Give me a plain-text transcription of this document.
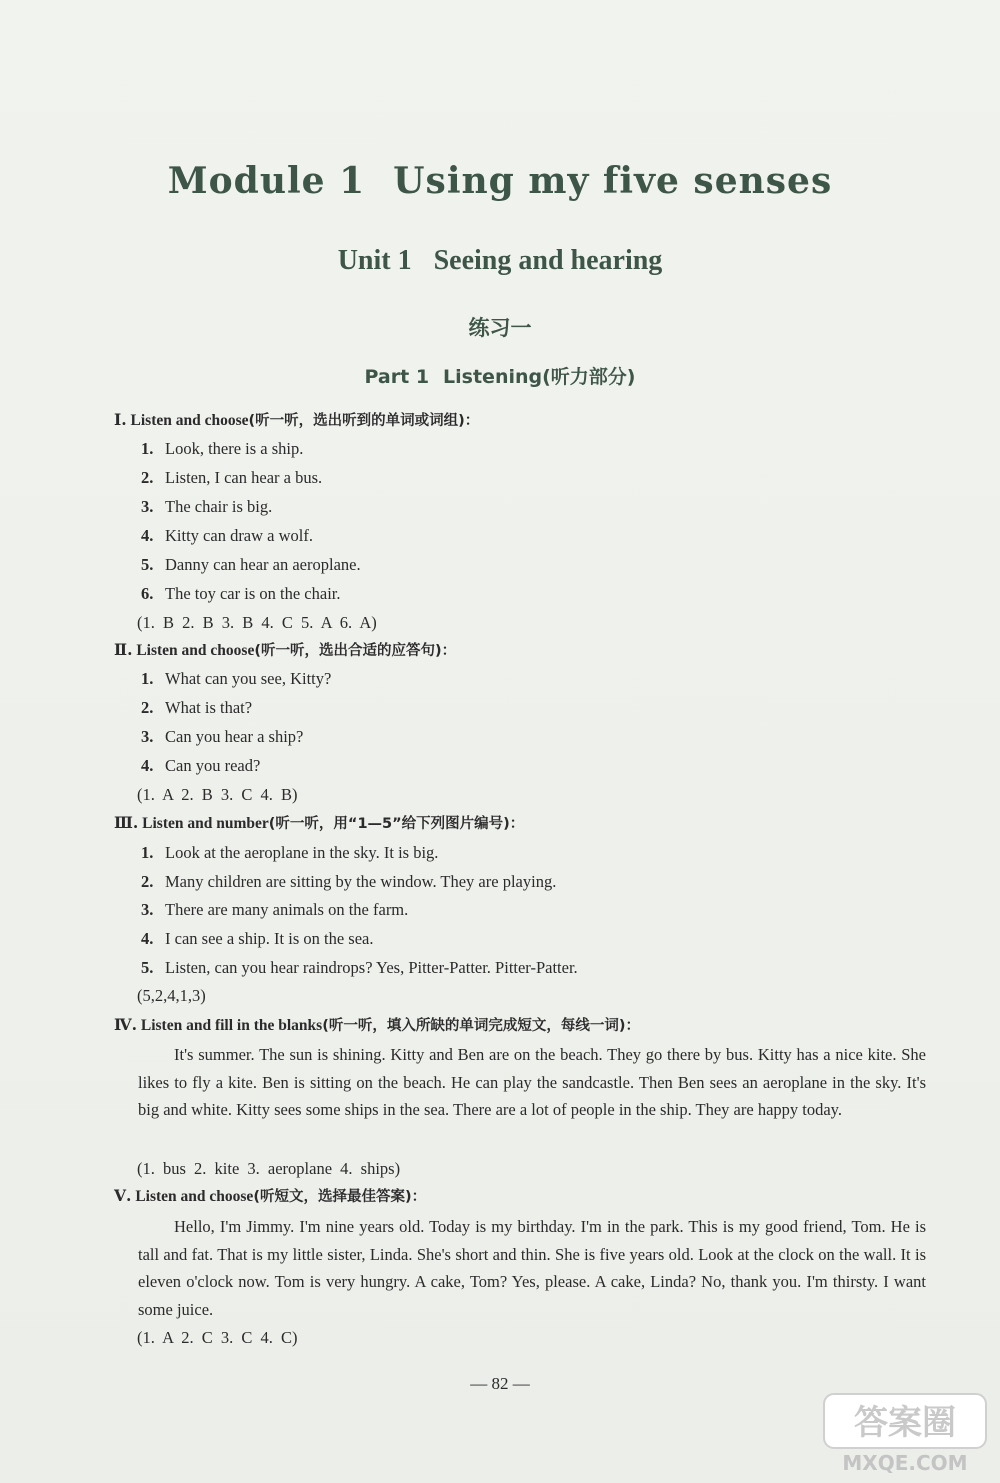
Module 1 Using my five senses
Unit 1 Seeing and hearing
练习一
Part 1 Listening(听力部分)
Ⅰ. Listen and choose(听一听，选出听到的单词或词组)：
1. Look, there is a ship.
2. Listen, I can hear a bus.
3. The chair is big.
4. Kitty can draw a wolf.
5. Danny can hear an aeroplane.
6. The toy car is on the chair.
(1. B 2. B 3. B 4. C 5. A 6. A)
Ⅱ. Listen and choose(听一听，选出合适的应答句)：
1. What can you see, Kitty?
2. What is that?
3. Can you hear a ship?
4. Can you read?
(1. A 2. B 3. C 4. B)
Ⅲ. Listen and number(听一听，用“1—5”给下列图片编号)：
1. Look at the aeroplane in the sky. It is big.
2. Many children are sitting by the window. They are playing.
3. There are many animals on the farm.
4. I can see a ship. It is on the sea.
5. Listen, can you hear raindrops? Yes, Pitter-Patter. Pitter-Patter.
(5,2,4,1,3)
Ⅳ. Listen and fill in the blanks(听一听，填入所缺的单词完成短文，每线一词)：
It's summer. The sun is shining. Kitty and Ben are on the beach. They go there by bus. Kitty has a nice kite. She likes to fly a kite. Ben is sitting on the beach. He can play the sandcastle. Then Ben sees an aeroplane in the sky. It's big and white. Kitty sees some ships in the sea. There are a lot of people in the ship. They are happy today.
(1. bus 2. kite 3. aeroplane 4. ships)
Ⅴ. Listen and choose(听短文，选择最佳答案)：
Hello, I'm Jimmy. I'm nine years old. Today is my birthday. I'm in the park. This is my good friend, Tom. He is tall and fat. That is my little sister, Linda. She's short and thin. She is five years old. Look at the clock on the wall. It is eleven o'clock now. Tom is very hungry. A cake, Tom? Yes, please. A cake, Linda? No, thank you. I'm thirsty. I want some juice.
(1. A 2. C 3. C 4. C)
— 82 —
答案圈
MXQE.COM
